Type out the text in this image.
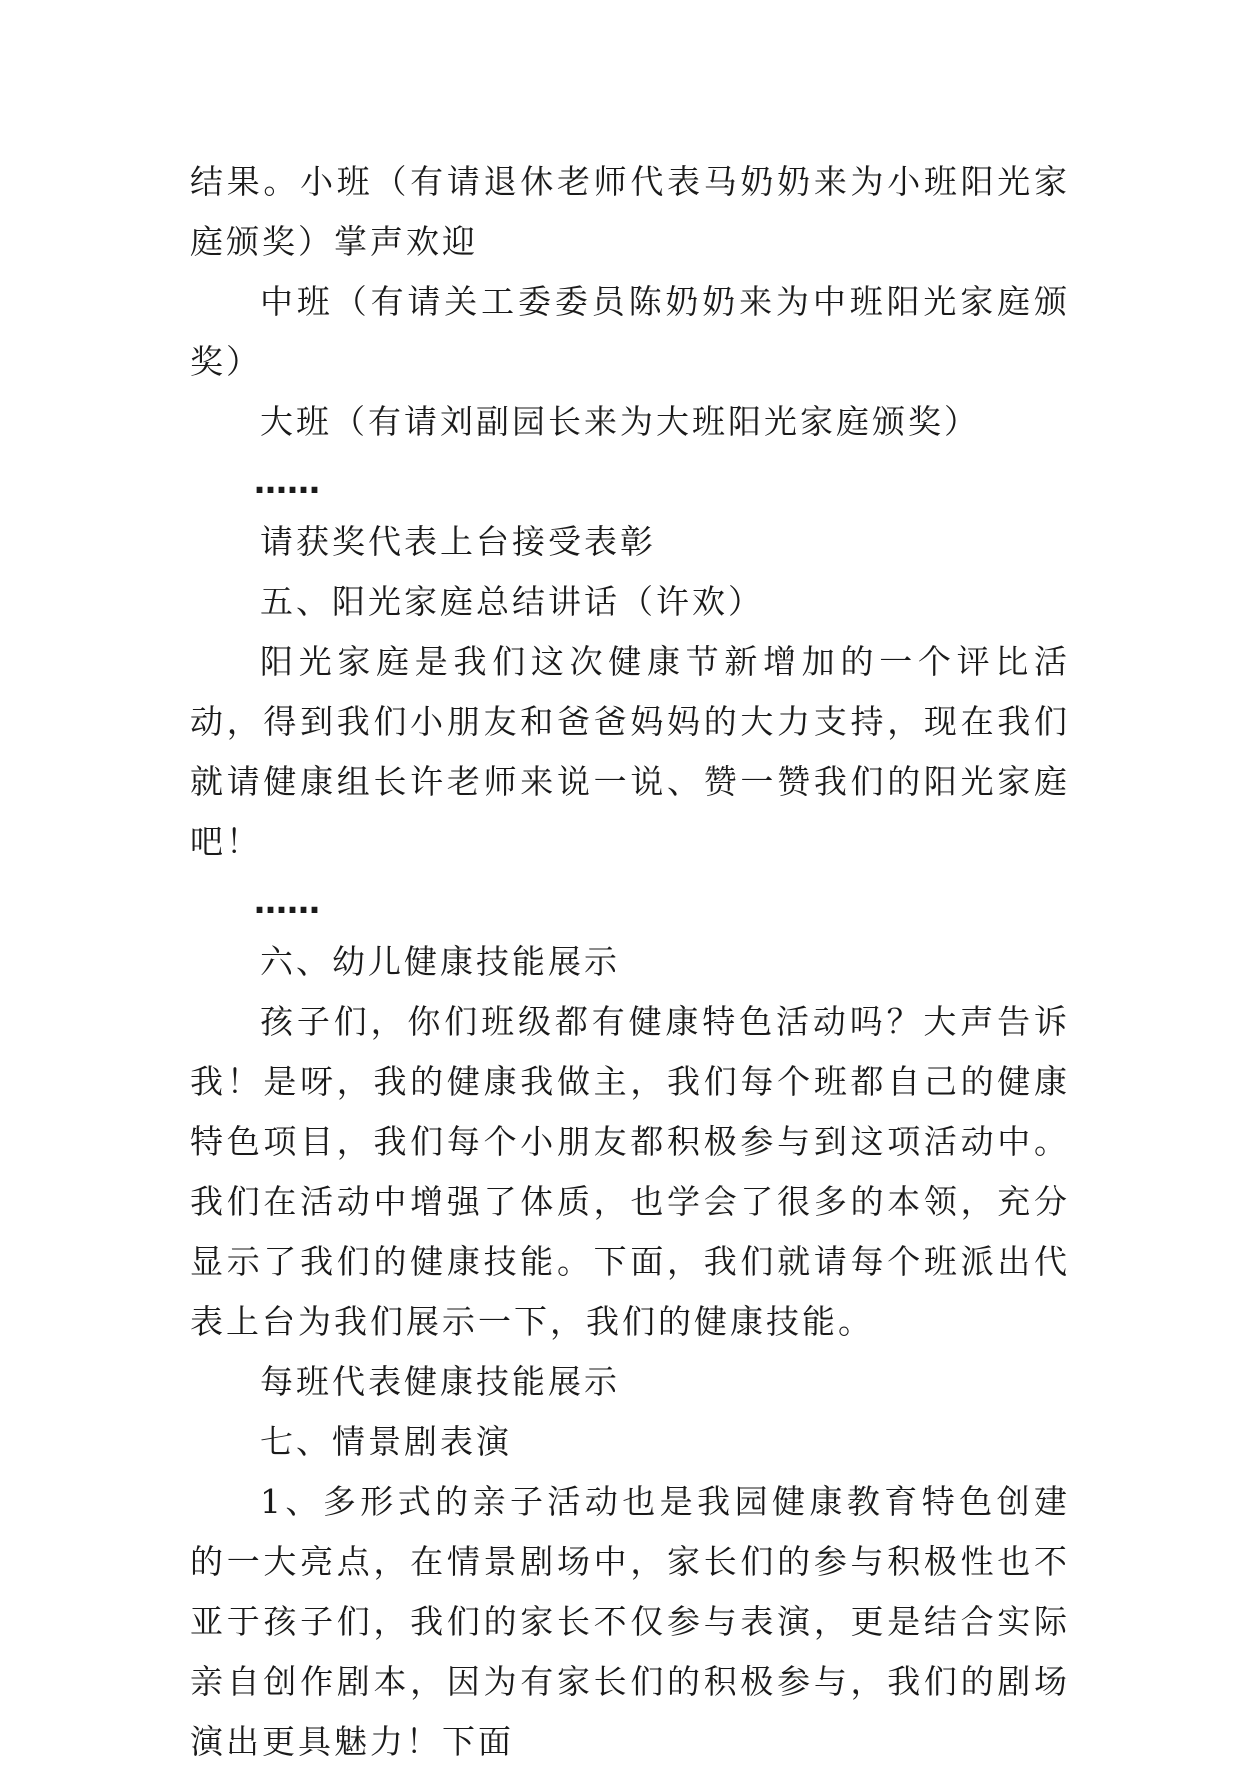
结果。小班（有请退休老师代表马奶奶来为小班阳光家庭颁奖）掌声欢迎

中班（有请关工委委员陈奶奶来为中班阳光家庭颁奖）

大班（有请刘副园长来为大班阳光家庭颁奖）

……

请获奖代表上台接受表彰

五、阳光家庭总结讲话（许欢）

阳光家庭是我们这次健康节新增加的一个评比活动，得到我们小朋友和爸爸妈妈的大力支持，现在我们就请健康组长许老师来说一说、赞一赞我们的阳光家庭吧！

……

六、幼儿健康技能展示

孩子们，你们班级都有健康特色活动吗？大声告诉我！是呀，我的健康我做主，我们每个班都自己的健康特色项目，我们每个小朋友都积极参与到这项活动中。我们在活动中增强了体质，也学会了很多的本领，充分显示了我们的健康技能。下面，我们就请每个班派出代表上台为我们展示一下，我们的健康技能。

每班代表健康技能展示

七、情景剧表演

1、多形式的亲子活动也是我园健康教育特色创建的一大亮点，在情景剧场中，家长们的参与积极性也不亚于孩子们，我们的家长不仅参与表演，更是结合实际亲自创作剧本，因为有家长们的积极参与，我们的剧场演出更具魅力！下面
